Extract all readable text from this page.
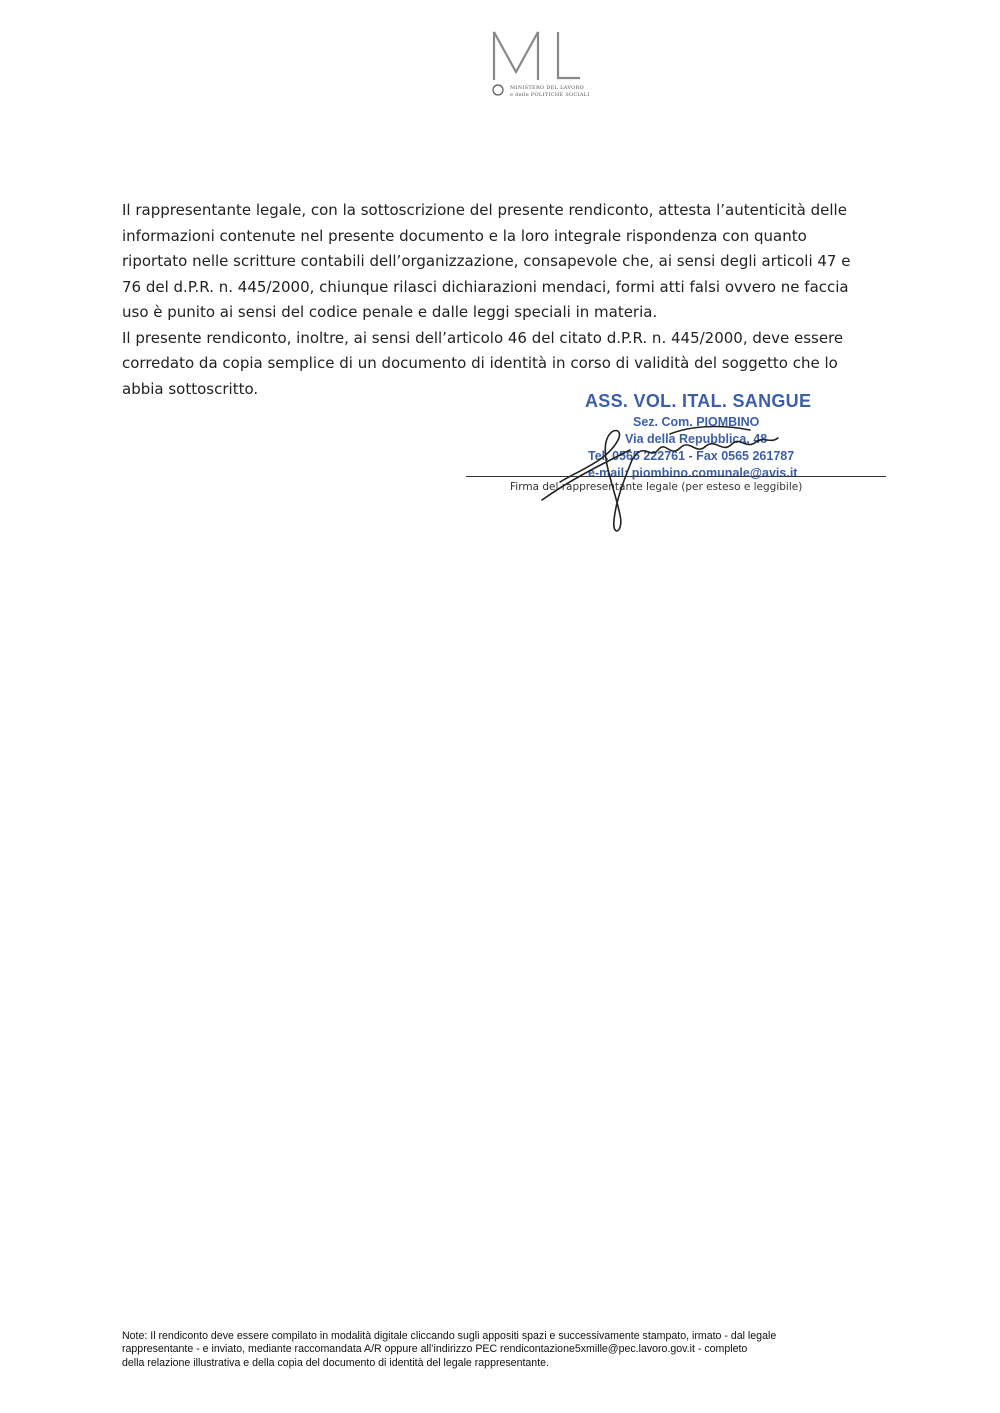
MINISTERO DEL LAVORO
e delle POLITICHE SOCIALI
Il rappresentante legale, con la sottoscrizione del presente rendiconto, attesta l’autenticità delle
informazioni contenute nel presente documento e la loro integrale rispondenza con quanto
riportato nelle scritture contabili dell’organizzazione, consapevole che, ai sensi degli articoli 47 e
76 del d.P.R. n. 445/2000, chiunque rilasci dichiarazioni mendaci, formi atti falsi ovvero ne faccia
uso è punito ai sensi del codice penale e dalle leggi speciali in materia.
Il presente rendiconto, inoltre, ai sensi dell’articolo 46 del citato d.P.R. n. 445/2000, deve essere
corredato da copia semplice di un documento di identità in corso di validità del soggetto che lo
abbia sottoscritto.
ASS. VOL. ITAL. SANGUE
Sez. Com. PIOMBINO
Via della Repubblica, 48
Tel. 0565 222761 - Fax 0565 261787
e-mail: piombino.comunale@avis.it
Firma del rappresentante legale (per esteso e leggibile)
Note: Il rendiconto deve essere compilato in modalità digitale cliccando sugli appositi spazi e successivamente stampato, irmato - dal legale
rappresentante - e inviato, mediante raccomandata A/R oppure all’indirizzo PEC rendicontazione5xmille@pec.lavoro.gov.it - completo
della relazione illustrativa e della copia del documento di identità del legale rappresentante.
